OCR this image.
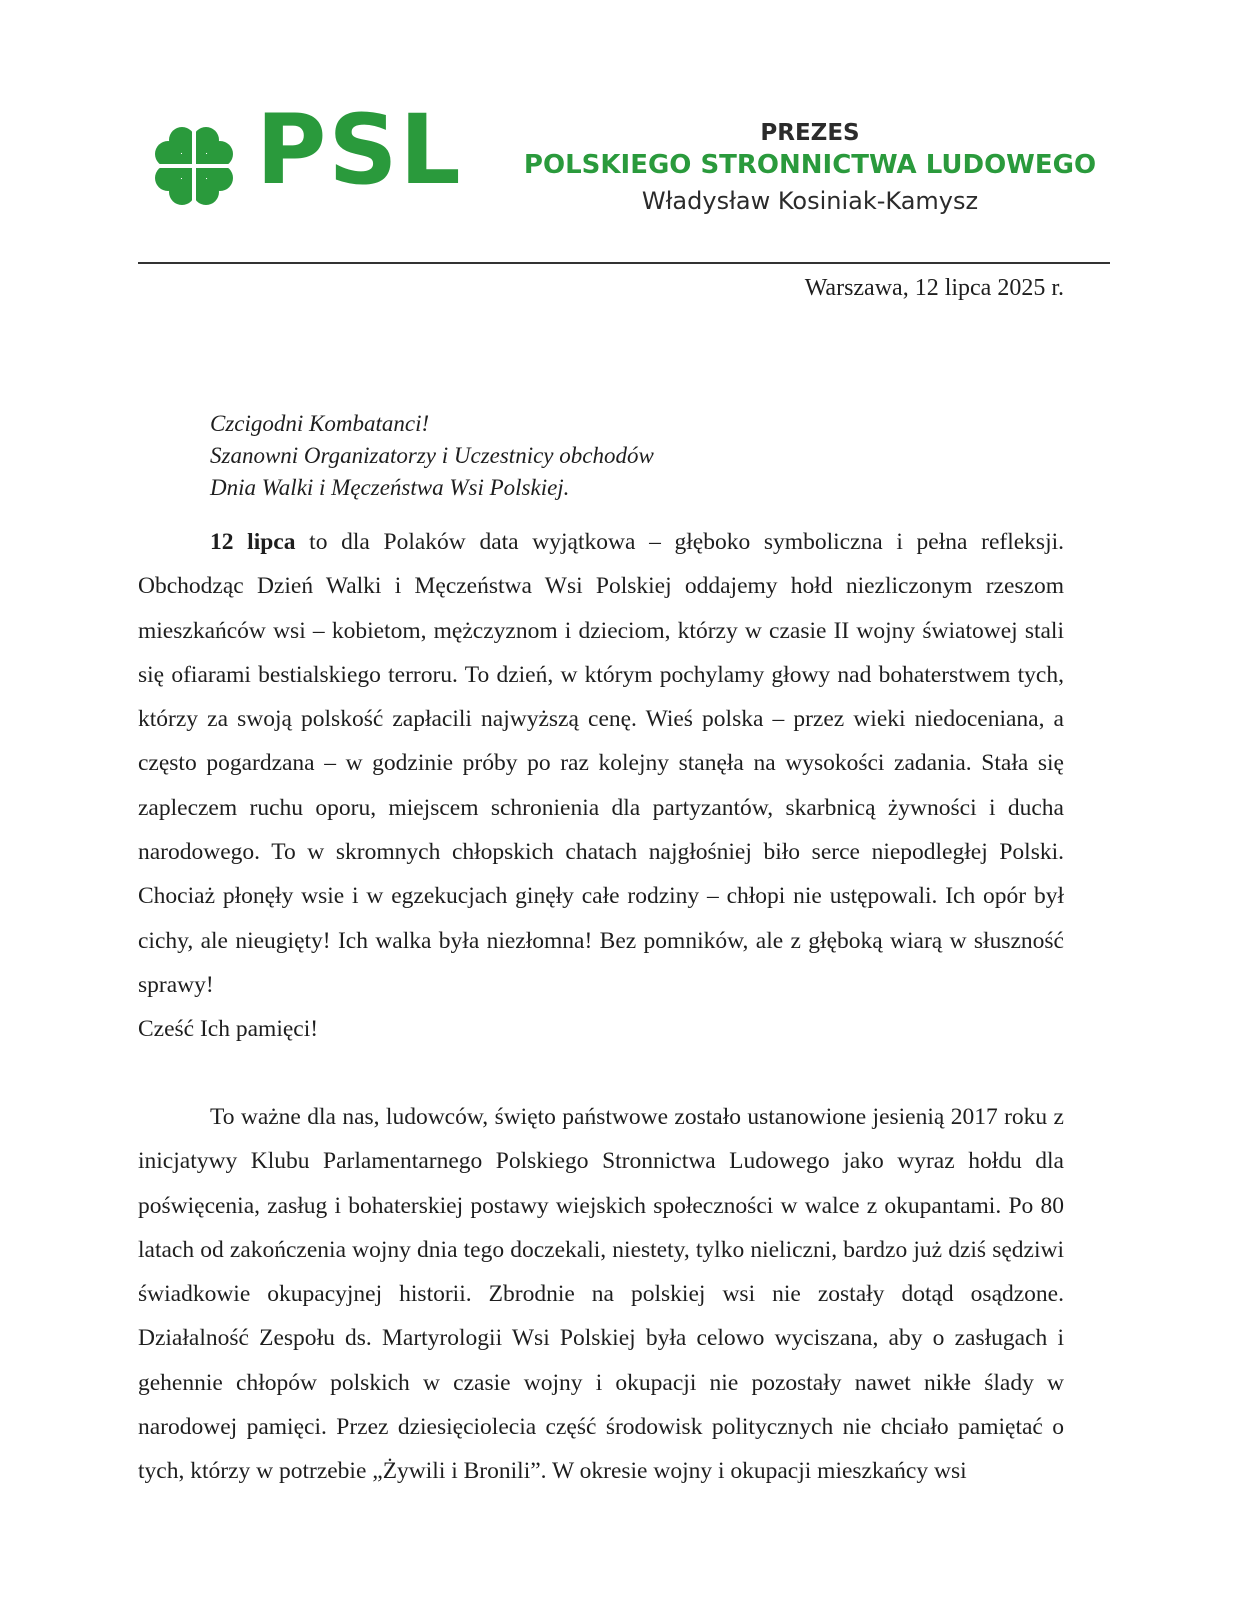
PSL	PREZES
POLSKIEGO STRONNICTWA LUDOWEGO
Władysław Kosiniak-Kamysz
Warszawa, 12 lipca 2025 r.
Czcigodni Kombatanci!
Szanowni Organizatorzy i Uczestnicy obchodów
Dnia Walki i Męczeństwa Wsi Polskiej.

12 lipca to dla Polaków data wyjątkowa – głęboko symboliczna i pełna refleksji. Obchodząc Dzień Walki i Męczeństwa Wsi Polskiej oddajemy hołd niezliczonym rzeszom mieszkańców wsi – kobietom, mężczyznom i dzieciom, którzy w czasie II wojny światowej stali się ofiarami bestialskiego terroru. To dzień, w którym pochylamy głowy nad bohaterstwem tych, którzy za swoją polskość zapłacili najwyższą cenę. Wieś polska – przez wieki niedoceniana, a często pogardzana – w godzinie próby po raz kolejny stanęła na wysokości zadania. Stała się zapleczem ruchu oporu, miejscem schronienia dla partyzantów, skarbnicą żywności i ducha narodowego. To w skromnych chłopskich chatach najgłośniej biło serce niepodległej Polski. Chociaż płonęły wsie i w egzekucjach ginęły całe rodziny – chłopi nie ustępowali. Ich opór był cichy, ale nieugięty! Ich walka była niezłomna! Bez pomników, ale z głęboką wiarą w słuszność sprawy!

Cześć Ich pamięci!

To ważne dla nas, ludowców, święto państwowe zostało ustanowione jesienią 2017 roku z inicjatywy Klubu Parlamentarnego Polskiego Stronnictwa Ludowego jako wyraz hołdu dla poświęcenia, zasług i bohaterskiej postawy wiejskich społeczności w walce z okupantami. Po 80 latach od zakończenia wojny dnia tego doczekali, niestety, tylko nieliczni, bardzo już dziś sędziwi świadkowie okupacyjnej historii. Zbrodnie na polskiej wsi nie zostały dotąd osądzone. Działalność Zespołu ds. Martyrologii Wsi Polskiej była celowo wyciszana, aby o zasługach i gehennie chłopów polskich w czasie wojny i okupacji nie pozostały nawet nikłe ślady w narodowej pamięci. Przez dziesięciolecia część środowisk politycznych nie chciało pamiętać o tych, którzy w potrzebie „Żywili i Bronili”. W okresie wojny i okupacji mieszkańcy wsi
